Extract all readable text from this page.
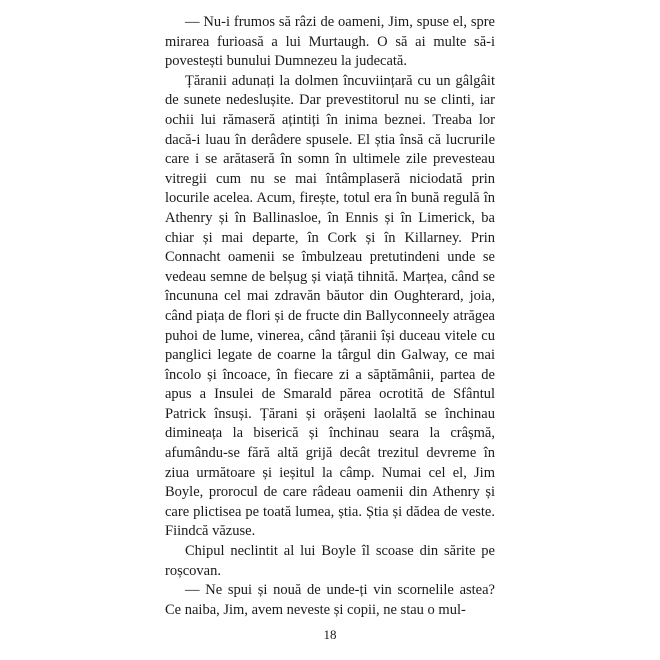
— Nu-i frumos să râzi de oameni, Jim, spuse el, spre mirarea furioasă a lui Murtaugh. O să ai multe să-i povestești bunului Dumnezeu la judecată.

Țăranii adunați la dolmen încuviințară cu un gâlgâit de sunete nedeslușite. Dar prevestitorul nu se clinti, iar ochii lui rămaseră ațintiți în inima beznei. Treaba lor dacă-i luau în derâdere spusele. El știa însă că lucrurile care i se arătaseră în somn în ultimele zile prevesteau vitregii cum nu se mai întâmplaseră niciodată prin locurile acelea. Acum, firește, totul era în bună regulă în Athenry și în Ballinasloe, în Ennis și în Limerick, ba chiar și mai departe, în Cork și în Killarney. Prin Connacht oamenii se îmbulzeau pretutindeni unde se vedeau semne de belșug și viață tihnită. Marțea, când se încununa cel mai zdravăn băutor din Oughterard, joia, când piața de flori și de fructe din Ballyconneely atrăgea puhoi de lume, vinerea, când țăranii își duceau vitele cu panglici legate de coarne la târgul din Galway, ce mai încolo și încoace, în fiecare zi a săptămânii, partea de apus a Insulei de Smarald părea ocrotită de Sfântul Patrick însuși. Țărani și orășeni laolaltă se închinau dimineața la biserică și închinau seara la crâșmă, afumându-se fără altă grijă decât trezitul devreme în ziua următoare și ieșitul la câmp. Numai cel el, Jim Boyle, prorocul de care râdeau oamenii din Athenry și care plictisea pe toată lumea, știa. Știa și dădea de veste. Fiindcă văzuse.

Chipul neclintit al lui Boyle îl scoase din sărite pe roșcovan.

— Ne spui și nouă de unde-ți vin scornelile astea? Ce naiba, Jim, avem neveste și copii, ne stau o mul-

18
